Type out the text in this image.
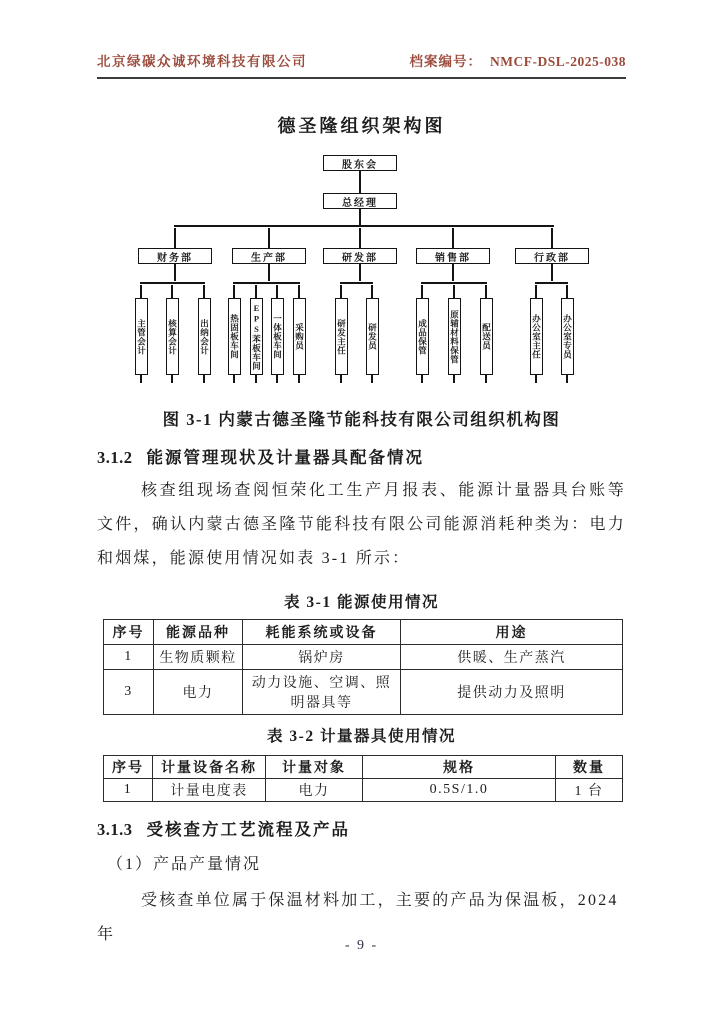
北京绿碳众诚环境科技有限公司	档案编号： NMCF-DSL-2025-038
德圣隆组织架构图
股东会
总经理
财务部	生产部	研发部	销售部	行政部
主管会计 核算会计	出纳会计 热固板车间 EPS苯板车间 一体板车间 采购员	研发主任 研发员	成品保管	原辅材料保管	配送员	办公室主任 办公室专员
图 3-1 内蒙古德圣隆节能科技有限公司组织机构图
3.1.2 能源管理现状及计量器具配备情况

核查组现场查阅恒荣化工生产月报表、能源计量器具台账等文件，确认内蒙古德圣隆节能科技有限公司能源消耗种类为：电力和烟煤，能源使用情况如表 3-1 所示：

表 3-1 能源使用情况
序号	能源品种	耗能系统或设备	用途
1	生物质颗粒	锅炉房	供暖、生产蒸汽
3	电力	动力设施、空调、照明器具等	提供动力及照明
表 3-2 计量器具使用情况
序号	计量设备名称	计量对象	规格	数量
1	计量电度表	电力	0.5S/1.0	1 台
3.1.3 受核查方工艺流程及产品
（1）产品产量情况

受核查单位属于保温材料加工，主要的产品为保温板，2024 年

- 9 -
